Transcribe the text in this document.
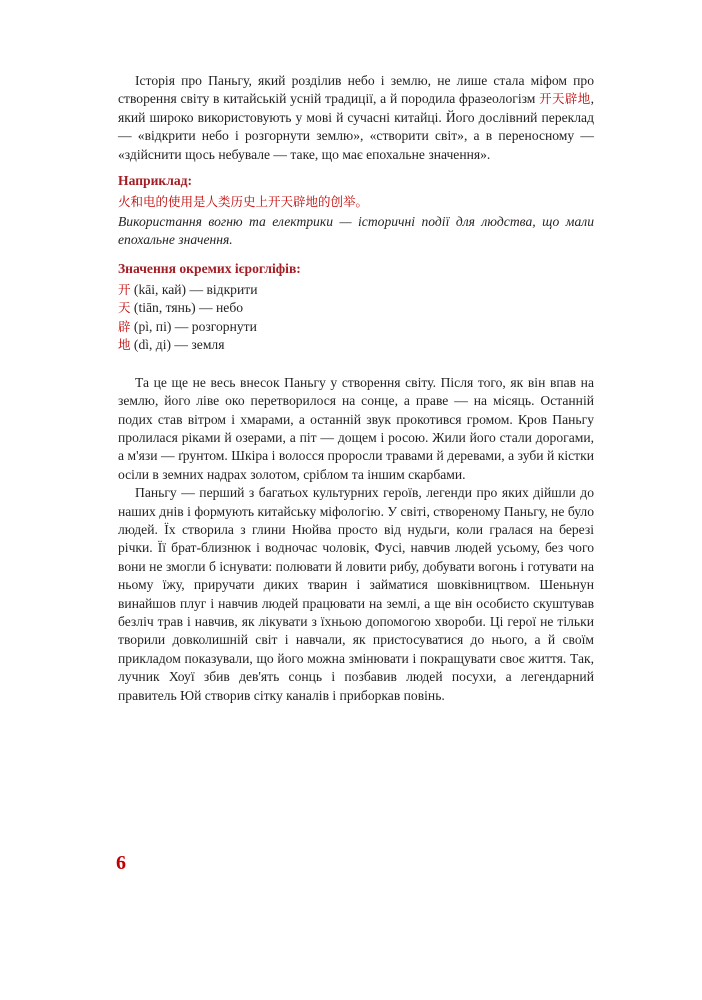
Історія про Паньгу, який розділив небо і землю, не лише стала міфом про створення світу в китайській усній традиції, а й породила фразеологізм 开天辟地, який широко використовують у мові й сучасні китайці. Його дослівний переклад — «відкрити небо і розгорнути землю», «створити світ», а в переносному — «здійснити щось небувале — таке, що має епохальне значення».

Наприклад:
火和电的使用是人类历史上开天辟地的创举。

Використання вогню та електрики — історичні події для людства, що мали епохальне значення.

Значення окремих ієрогліфів:
开 (kāi, кай) — відкрити
天 (tiān, тянь) — небо
辟 (pì, пі) — розгорнути
地 (dì, ді) — земля

Та це ще не весь внесок Паньгу у створення світу. Після того, як він впав на землю, його ліве око перетворилося на сонце, а праве — на місяць. Останній подих став вітром і хмарами, а останній звук прокотився громом. Кров Паньгу пролилася ріками й озерами, а піт — дощем і росою. Жили його стали дорогами, а м'язи — ґрунтом. Шкіра і волосся проросли травами й деревами, а зуби й кістки осіли в земних надрах золотом, сріблом та іншим скарбами.

Паньгу — перший з багатьох культурних героїв, легенди про яких дійшли до наших днів і формують китайську міфологію. У світі, створеному Паньгу, не було людей. Їх створила з глини Нюйва просто від нудьги, коли гралася на березі річки. Її брат-близнюк і водночас чоловік, Фусі, навчив людей усьому, без чого вони не змогли б існувати: полювати й ловити рибу, добувати вогонь і готувати на ньому їжу, приручати диких тварин і займатися шовківництвом. Шеньнун винайшов плуг і навчив людей працювати на землі, а ще він особисто скуштував безліч трав і навчив, як лікувати з їхньою допомогою хвороби. Ці герої не тільки творили довколишній світ і навчали, як пристосуватися до нього, а й своїм прикладом показували, що його можна змінювати і покращувати своє життя. Так, лучник Хоуї збив дев'ять сонць і позбавив людей посухи, а легендарний правитель Юй створив сітку каналів і приборкав повінь.

6
